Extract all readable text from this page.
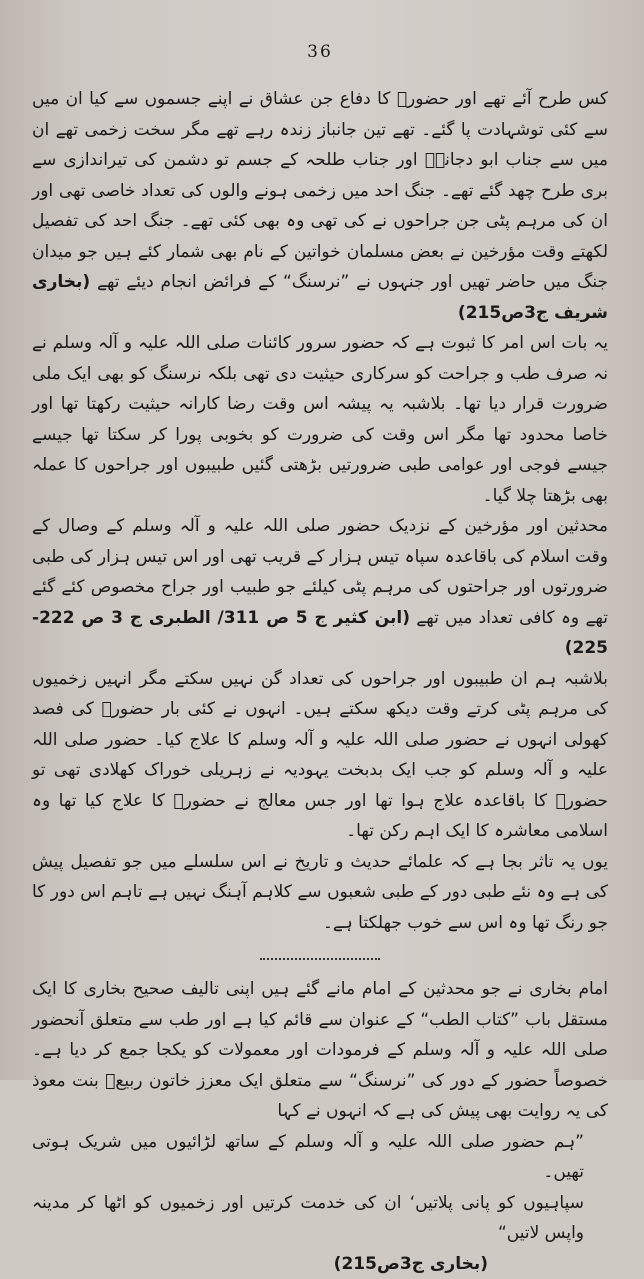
36

کس طرح آئے تھے اور حضورؐ کا دفاع جن عشاق نے اپنے جسموں سے کیا ان میں سے کئی توشہادت پا گئے۔ تھے تین جانباز زندہ رہے تھے مگر سخت زخمی تھے ان میں سے جناب ابو دجانہؓ اور جناب طلحہ کے جسم تو دشمن کی تیراندازی سے بری طرح چھد گئے تھے۔ جنگ احد میں زخمی ہونے والوں کی تعداد خاصی تھی اور ان کی مرہم پٹی جن جراحوں نے کی تھی وہ بھی کئی تھے۔ جنگ احد کی تفصیل لکھتے وقت مؤرخین نے بعض مسلمان خواتین کے نام بھی شمار کئے ہیں جو میدان جنگ میں حاضر تھیں اور جنہوں نے ”نرسنگ“ کے فرائض انجام دیئے تھے (بخاری شریف ج3ص215)

یہ بات اس امر کا ثبوت ہے کہ حضور سرور کائنات صلی اللہ علیہ و آلہ وسلم نے نہ صرف طب و جراحت کو سرکاری حیثیت دی تھی بلکہ نرسنگ کو بھی ایک ملی ضرورت قرار دیا تھا۔ بلاشبہ یہ پیشہ اس وقت رضا کارانہ حیثیت رکھتا تھا اور خاصا محدود تھا مگر اس وقت کی ضرورت کو بخوبی پورا کر سکتا تھا جیسے جیسے فوجی اور عوامی طبی ضرورتیں بڑھتی گئیں طبیبوں اور جراحوں کا عملہ بھی بڑھتا چلا گیا۔

محدثین اور مؤرخین کے نزدیک حضور صلی اللہ علیہ و آلہ وسلم کے وصال کے وقت اسلام کی باقاعدہ سپاہ تیس ہزار کے قریب تھی اور اس تیس ہزار کی طبی ضرورتوں اور جراحتوں کی مرہم پٹی کیلئے جو طبیب اور جراح مخصوص کئے گئے تھے وہ کافی تعداد میں تھے (ابن کثیر ج 5 ص 311/ الطبری ج 3 ص 222-225)

بلاشبہ ہم ان طبیبوں اور جراحوں کی تعداد گن نہیں سکتے مگر انہیں زخمیوں کی مرہم پٹی کرتے وقت دیکھ سکتے ہیں۔ انہوں نے کئی بار حضورؐ کی فصد کھولی انہوں نے حضور صلی اللہ علیہ و آلہ وسلم کا علاج کیا۔ حضور صلی اللہ علیہ و آلہ وسلم کو جب ایک بدبخت یہودیہ نے زہریلی خوراک کھلادی تھی تو حضورؐ کا باقاعدہ علاج ہوا تھا اور جس معالج نے حضورؐ کا علاج کیا تھا وہ اسلامی معاشرہ کا ایک اہم رکن تھا۔

یوں یہ تاثر بجا ہے کہ علمائے حدیث و تاریخ نے اس سلسلے میں جو تفصیل پیش کی ہے وہ نئے طبی دور کے طبی شعبوں سے کلاہم آہنگ نہیں ہے تاہم اس دور کا جو رنگ تھا وہ اس سے خوب جھلکتا ہے۔

امام بخاری نے جو محدثین کے امام مانے گئے ہیں اپنی تالیف صحیح بخاری کا ایک مستقل باب ”کتاب الطب“ کے عنوان سے قائم کیا ہے اور طب سے متعلق آنحضور صلی اللہ علیہ و آلہ وسلم کے فرمودات اور معمولات کو یکجا جمع کر دیا ہے۔ خصوصاً حضور کے دور کی ”نرسنگ“ سے متعلق ایک معزز خاتون ربیعؓ بنت معوذ کی یہ روایت بھی پیش کی ہے کہ انہوں نے کہا

”ہم حضور صلی اللہ علیہ و آلہ وسلم کے ساتھ لڑائیوں میں شریک ہوتی تھیں۔

سپاہیوں کو پانی پلاتیں‘ ان کی خدمت کرتیں اور زخمیوں کو اٹھا کر مدینہ واپس لاتیں“

(بخاری ج3ص215)
